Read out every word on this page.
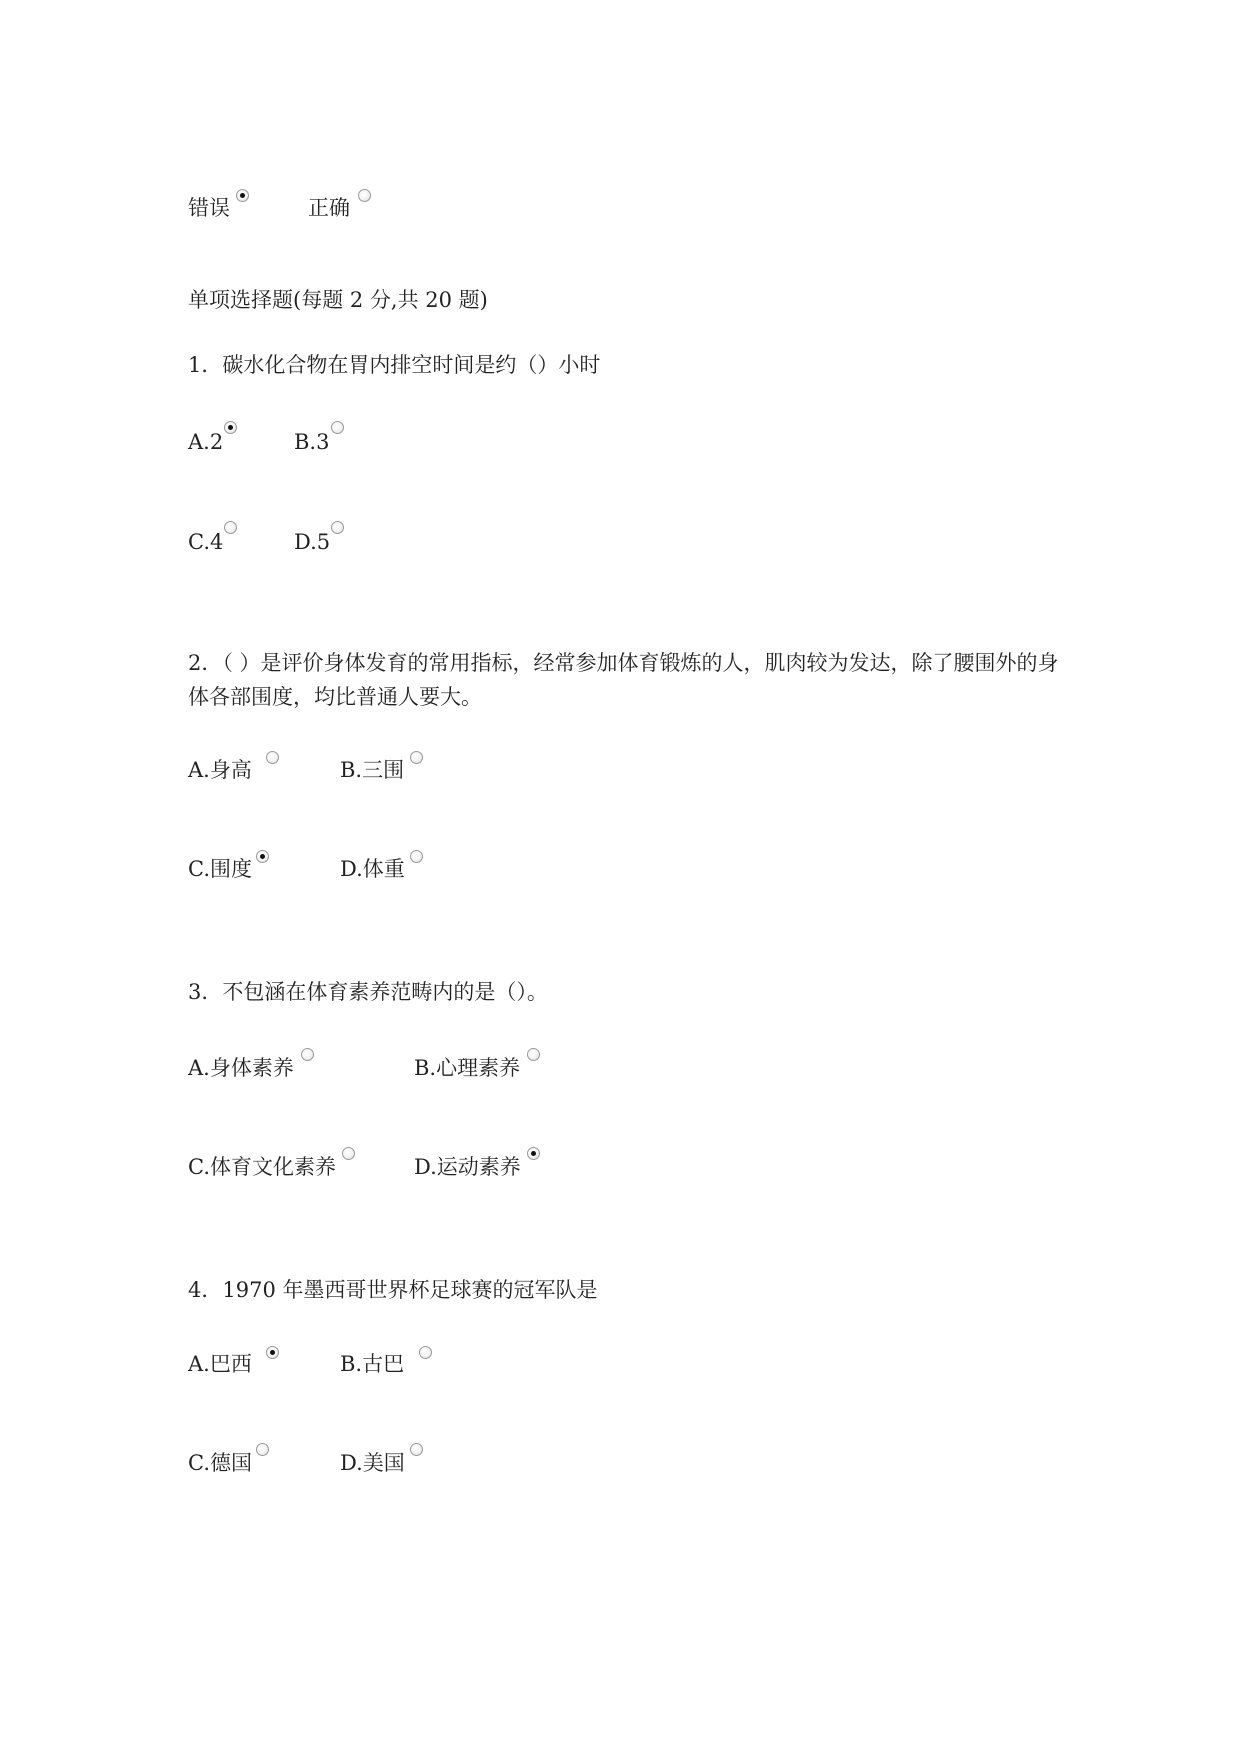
错误	正确
单项选择题(每题 2 分,共 20 题)
1．碳水化合物在胃内排空时间是约（）小时
A.2	B.3
C.4	D.5
2．（ ）是评价身体发育的常用指标，经常参加体育锻炼的人，肌肉较为发达，除了腰围外的身体各部围度，均比普通人要大。
A.身高	B.三围
C.围度	D.体重
3．不包涵在体育素养范畴内的是（）。
A.身体素养	B.心理素养
C.体育文化素养	D.运动素养
4．1970 年墨西哥世界杯足球赛的冠军队是
A.巴西	B.古巴
C.德国	D.美国
